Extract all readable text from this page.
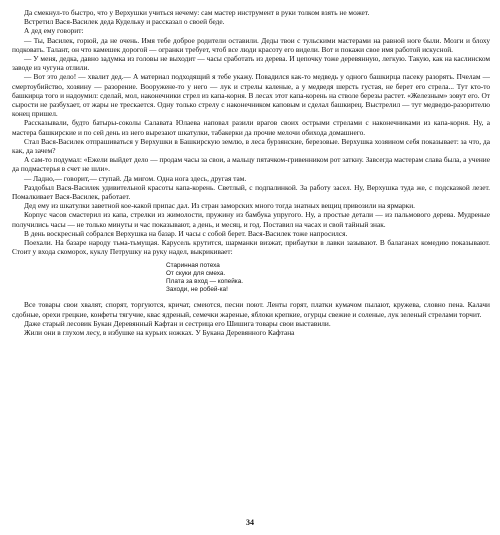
Да смекнул-то быстро, что у Верхушки учиться нечему: сам мастер инструмент в руки толком взять не может.

Встретил Вася-Василек деда Кудельку и рассказал о своей беде.

А дед ему говорит:

— Ты, Василек, горюй, да не очень. Имя тебе доброе родители оставили. Деды твои с тульскими мастерами на равной ноге были. Мозги и блоху подковать. Талант, он что камешек дорогой — огранки требует, чтоб все люди красоту его видели. Вот и покажи свое имя работой искусной.

— У меня, дедка, давно задумка из головы не выходит — часы сработать из дерева. И цепочку тоже деревянную, легкую. Такую, как на каслинском заводе из чугуна отлили.

— Вот это дело! — хвалит дед.— А материал подходящий я тебе укажу. Повадился как-то медведь у одного башкирца пасеку разорять. Пчелам — смертоубийство, хозяину — разорение. Вооружене-то у него — лук и стрелы каленые, а у медведя шерсть густая, не берет его стрела... Тут кто-то башкирца того и надоумил: сделай, мол, наконечники стрел из капа-корня. В лесах этот капа-корень на стволе березы растет. «Железным» зовут его. От сырости не разбухает, от жары не трескается. Одну только стрелу с наконечником каповым и сделал башкирец. Выстрелил — тут медведю-разорителю конец пришел.

Рассказывали, будто батыры-соколы Салавата Юлаева наповал разили врагов своих острыми стрелами с наконечниками из капа-корня. Ну, а мастера башкирские и по сей день из него вырезают шкатулки, табакерки да прочие мелочи обихода домашнего.

Стал Вася-Василек отпрашиваться у Верхушки в Башкирскую землю, в леса бурзянские, березовые. Верхушка хозяином себя показывает: за что, да как, да зачем?

А сам-то подумал: «Ежели выйдет дело — продам часы за свои, а мальцу пятачком-гривенником рот заткну. Завсегда мастерам слава была, а учение да подмастерья в счет не шли».

— Ладно,— говорит,— ступай. Да мигом. Одна нога здесь, другая там.

Раздобыл Вася-Василек удивительной красоты капа-корень. Светлый, с подпалинкой. За работу засел. Ну, Верхушка туда же, с подсказкой лезет. Помалкивает Вася-Василек, работает.

Дед ему из шкатулки заветной кое-какой припас дал. Из стран заморских много тогда знатных вещиц привозили на ярмарки.

Корпус часов смастерил из капа, стрелки из жимолости, пружину из бамбука упругого. Ну, а простые детали — из пальмового дерева. Мудреные получились часы — не только минуты и час показывают, а день, и месяц, и год. Поставил на часах и свой тайный знак.

В день воскресный собрался Верхушка на базар. И часы с собой берет. Вася-Василек тоже напросился.

Поехали. На базаре народу тьма-тьмущая. Карусель крутится, шарманки визжат, прибаутки в лавки зазывают. В балаганах комедию показывают. Стоит у входа скоморох, куклу Петрушку на руку надел, выкрикивает:

Старинная потеха
От скуки для смеха.
Плата за вход — копейка.
Заходи, не робей-ка!

Все товары свои хвалят, спорят, торгуются, кричат, смеются, песни поют. Ленты горят, платки кумачом пылают, кружева, словно пена. Калачи сдобные, орехи грецкие, конфеты тягучие, квас ядреный, семечки жареные, яблоки крепкие, огурцы свежие и соленые, лук зеленый стрелами торчит.

Даже старый лесовик Букан Деревянный Кафтан и сестрица его Шишига товары свои выставили.

Жили они в глухом лесу, в избушке на курьих ножках. У Букана Деревянного Кафтана

34
